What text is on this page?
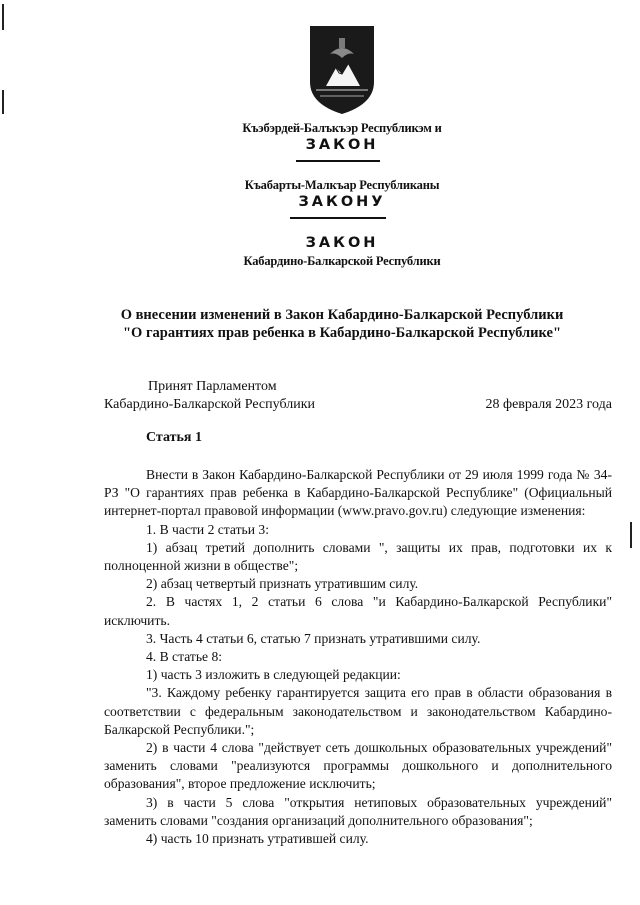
Къэбэрдей-Балъкъэр Республикэм и
ЗАКОН
Къабарты-Малкъар Республиканы
ЗАКОНУ
ЗАКОН
Кабардино-Балкарской Республики
О внесении изменений в Закон Кабардино-Балкарской Республики
"О гарантиях прав ребенка в Кабардино-Балкарской Республике"
Принят Парламентом
Кабардино-Балкарской Республики	28 февраля 2023 года
Статья 1

Внести в Закон Кабардино-Балкарской Республики от 29 июля 1999 года № 34-РЗ "О гарантиях прав ребенка в Кабардино-Балкарской Республике" (Официальный интернет-портал правовой информации (www.pravo.gov.ru) следующие изменения:

1. В части 2 статьи 3:

1) абзац третий дополнить словами ", защиты их прав, подготовки их к полноценной жизни в обществе";

2) абзац четвертый признать утратившим силу.

2. В частях 1, 2 статьи 6 слова "и Кабардино-Балкарской Республики" исключить.

3. Часть 4 статьи 6, статью 7 признать утратившими силу.

4. В статье 8:

1) часть 3 изложить в следующей редакции:

"3. Каждому ребенку гарантируется защита его прав в области образования в соответствии с федеральным законодательством и законодательством Кабардино-Балкарской Республики.";

2) в части 4 слова "действует сеть дошкольных образовательных учреждений" заменить словами "реализуются программы дошкольного и дополнительного образования", второе предложение исключить;

3) в части 5 слова "открытия нетиповых образовательных учреждений" заменить словами "создания организаций дополнительного образования";

4) часть 10 признать утратившей силу.
